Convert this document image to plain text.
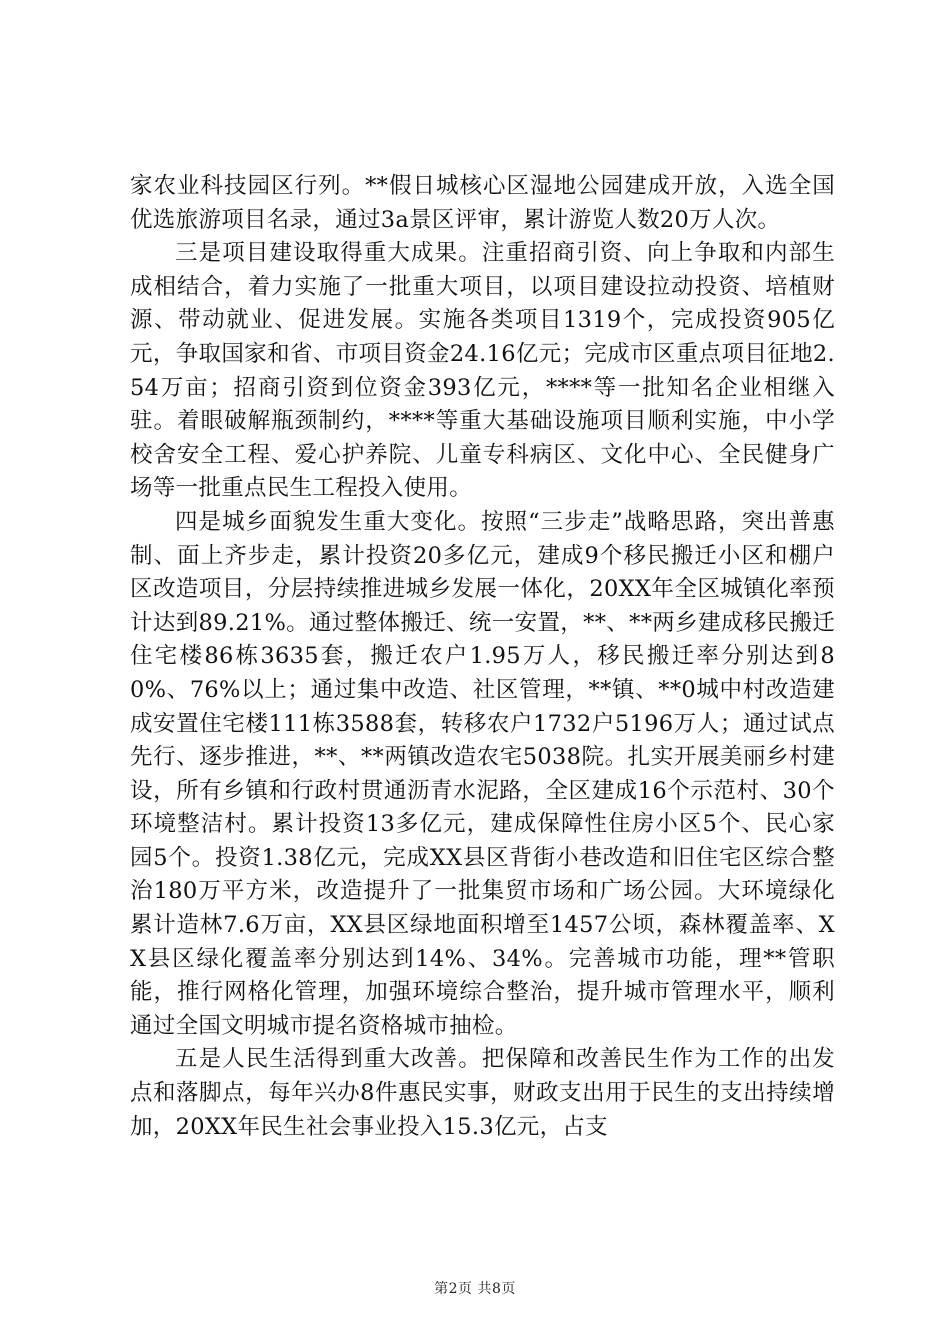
家农业科技园区行列。**假日城核心区湿地公园建成开放，入选全国优选旅游项目名录，通过3a景区评审，累计游览人数20万人次。

三是项目建设取得重大成果。注重招商引资、向上争取和内部生成相结合，着力实施了一批重大项目，以项目建设拉动投资、培植财源、带动就业、促进发展。实施各类项目1319个，完成投资905亿元，争取国家和省、市项目资金24.16亿元；完成市区重点项目征地2.54万亩；招商引资到位资金393亿元，****等一批知名企业相继入驻。着眼破解瓶颈制约，****等重大基础设施项目顺利实施，中小学校舍安全工程、爱心护养院、儿童专科病区、文化中心、全民健身广场等一批重点民生工程投入使用。

四是城乡面貌发生重大变化。按照“三步走”战略思路，突出普惠制、面上齐步走，累计投资20多亿元，建成9个移民搬迁小区和棚户区改造项目，分层持续推进城乡发展一体化，20XX年全区城镇化率预计达到89.21%。通过整体搬迁、统一安置，**、**两乡建成移民搬迁住宅楼86栋3635套，搬迁农户1.95万人，移民搬迁率分别达到80%、76%以上；通过集中改造、社区管理，**镇、**0城中村改造建成安置住宅楼111栋3588套，转移农户1732户5196万人；通过试点先行、逐步推进，**、**两镇改造农宅5038院。扎实开展美丽乡村建设，所有乡镇和行政村贯通沥青水泥路，全区建成16个示范村、30个环境整洁村。累计投资13多亿元，建成保障性住房小区5个、民心家园5个。投资1.38亿元，完成XX县区背街小巷改造和旧住宅区综合整治180万平方米，改造提升了一批集贸市场和广场公园。大环境绿化累计造林7.6万亩，XX县区绿地面积增至1457公顷，森林覆盖率、XX县区绿化覆盖率分别达到14%、34%。完善城市功能，理**管职能，推行网格化管理，加强环境综合整治，提升城市管理水平，顺利通过全国文明城市提名资格城市抽检。

五是人民生活得到重大改善。把保障和改善民生作为工作的出发点和落脚点，每年兴办8件惠民实事，财政支出用于民生的支出持续增加，20XX年民生社会事业投入15.3亿元，占支

第2页 共8页
